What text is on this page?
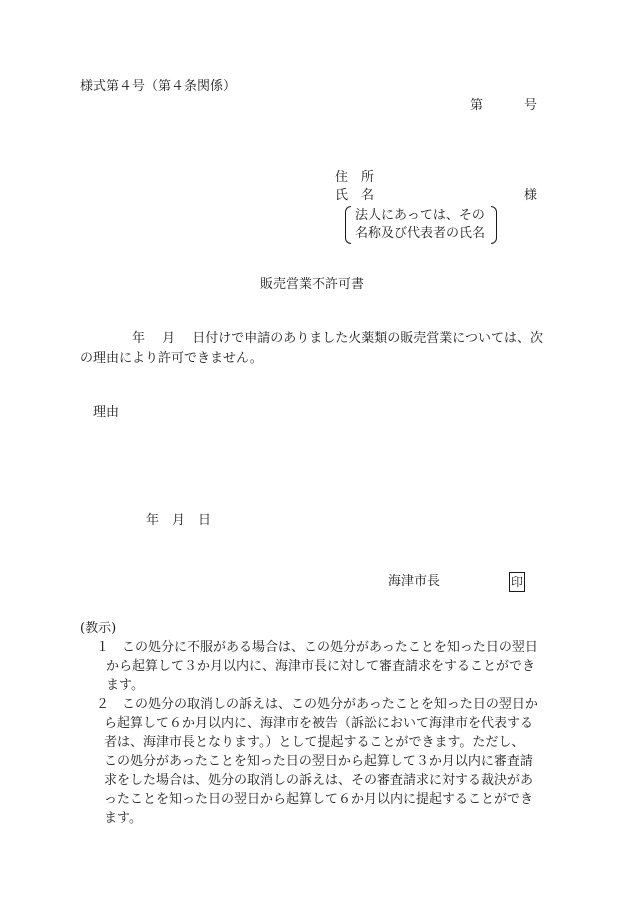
様式第４号（第４条関係）
第	号
住　所
氏　名	様
法人にあっては、その
名称及び代表者の氏名
販売営業不許可書
年　 月　 日付けで申請のありました火薬類の販売営業については、次
の理由により許可できません。
理由
年　月　日
海津市長	印
(教示)
１ この処分に不服がある場合は、この処分があったことを知った日の翌日
から起算して３か月以内に、海津市長に対して審査請求をすることができ
ます。
２ この処分の取消しの訴えは、この処分があったことを知った日の翌日か
ら起算して６か月以内に、海津市を被告（訴訟において海津市を代表する
者は、海津市長となります。）として提起することができます。ただし、
この処分があったことを知った日の翌日から起算して３か月以内に審査請
求をした場合は、処分の取消しの訴えは、その審査請求に対する裁決があ
ったことを知った日の翌日から起算して６か月以内に提起することができ
ます。
